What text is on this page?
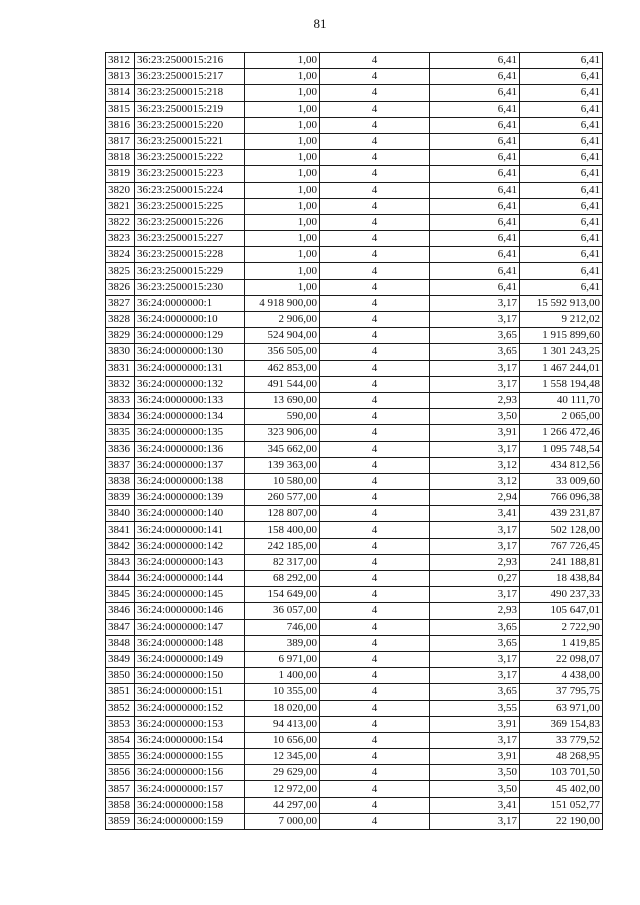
81
3812	36:23:2500015:216	1,00	4	6,41	6,41
3813	36:23:2500015:217	1,00	4	6,41	6,41
3814	36:23:2500015:218	1,00	4	6,41	6,41
3815	36:23:2500015:219	1,00	4	6,41	6,41
3816	36:23:2500015:220	1,00	4	6,41	6,41
3817	36:23:2500015:221	1,00	4	6,41	6,41
3818	36:23:2500015:222	1,00	4	6,41	6,41
3819	36:23:2500015:223	1,00	4	6,41	6,41
3820	36:23:2500015:224	1,00	4	6,41	6,41
3821	36:23:2500015:225	1,00	4	6,41	6,41
3822	36:23:2500015:226	1,00	4	6,41	6,41
3823	36:23:2500015:227	1,00	4	6,41	6,41
3824	36:23:2500015:228	1,00	4	6,41	6,41
3825	36:23:2500015:229	1,00	4	6,41	6,41
3826	36:23:2500015:230	1,00	4	6,41	6,41
3827	36:24:0000000:1	4 918 900,00	4	3,17	15 592 913,00
3828	36:24:0000000:10	2 906,00	4	3,17	9 212,02
3829	36:24:0000000:129	524 904,00	4	3,65	1 915 899,60
3830	36:24:0000000:130	356 505,00	4	3,65	1 301 243,25
3831	36:24:0000000:131	462 853,00	4	3,17	1 467 244,01
3832	36:24:0000000:132	491 544,00	4	3,17	1 558 194,48
3833	36:24:0000000:133	13 690,00	4	2,93	40 111,70
3834	36:24:0000000:134	590,00	4	3,50	2 065,00
3835	36:24:0000000:135	323 906,00	4	3,91	1 266 472,46
3836	36:24:0000000:136	345 662,00	4	3,17	1 095 748,54
3837	36:24:0000000:137	139 363,00	4	3,12	434 812,56
3838	36:24:0000000:138	10 580,00	4	3,12	33 009,60
3839	36:24:0000000:139	260 577,00	4	2,94	766 096,38
3840	36:24:0000000:140	128 807,00	4	3,41	439 231,87
3841	36:24:0000000:141	158 400,00	4	3,17	502 128,00
3842	36:24:0000000:142	242 185,00	4	3,17	767 726,45
3843	36:24:0000000:143	82 317,00	4	2,93	241 188,81
3844	36:24:0000000:144	68 292,00	4	0,27	18 438,84
3845	36:24:0000000:145	154 649,00	4	3,17	490 237,33
3846	36:24:0000000:146	36 057,00	4	2,93	105 647,01
3847	36:24:0000000:147	746,00	4	3,65	2 722,90
3848	36:24:0000000:148	389,00	4	3,65	1 419,85
3849	36:24:0000000:149	6 971,00	4	3,17	22 098,07
3850	36:24:0000000:150	1 400,00	4	3,17	4 438,00
3851	36:24:0000000:151	10 355,00	4	3,65	37 795,75
3852	36:24:0000000:152	18 020,00	4	3,55	63 971,00
3853	36:24:0000000:153	94 413,00	4	3,91	369 154,83
3854	36:24:0000000:154	10 656,00	4	3,17	33 779,52
3855	36:24:0000000:155	12 345,00	4	3,91	48 268,95
3856	36:24:0000000:156	29 629,00	4	3,50	103 701,50
3857	36:24:0000000:157	12 972,00	4	3,50	45 402,00
3858	36:24:0000000:158	44 297,00	4	3,41	151 052,77
3859	36:24:0000000:159	7 000,00	4	3,17	22 190,00
